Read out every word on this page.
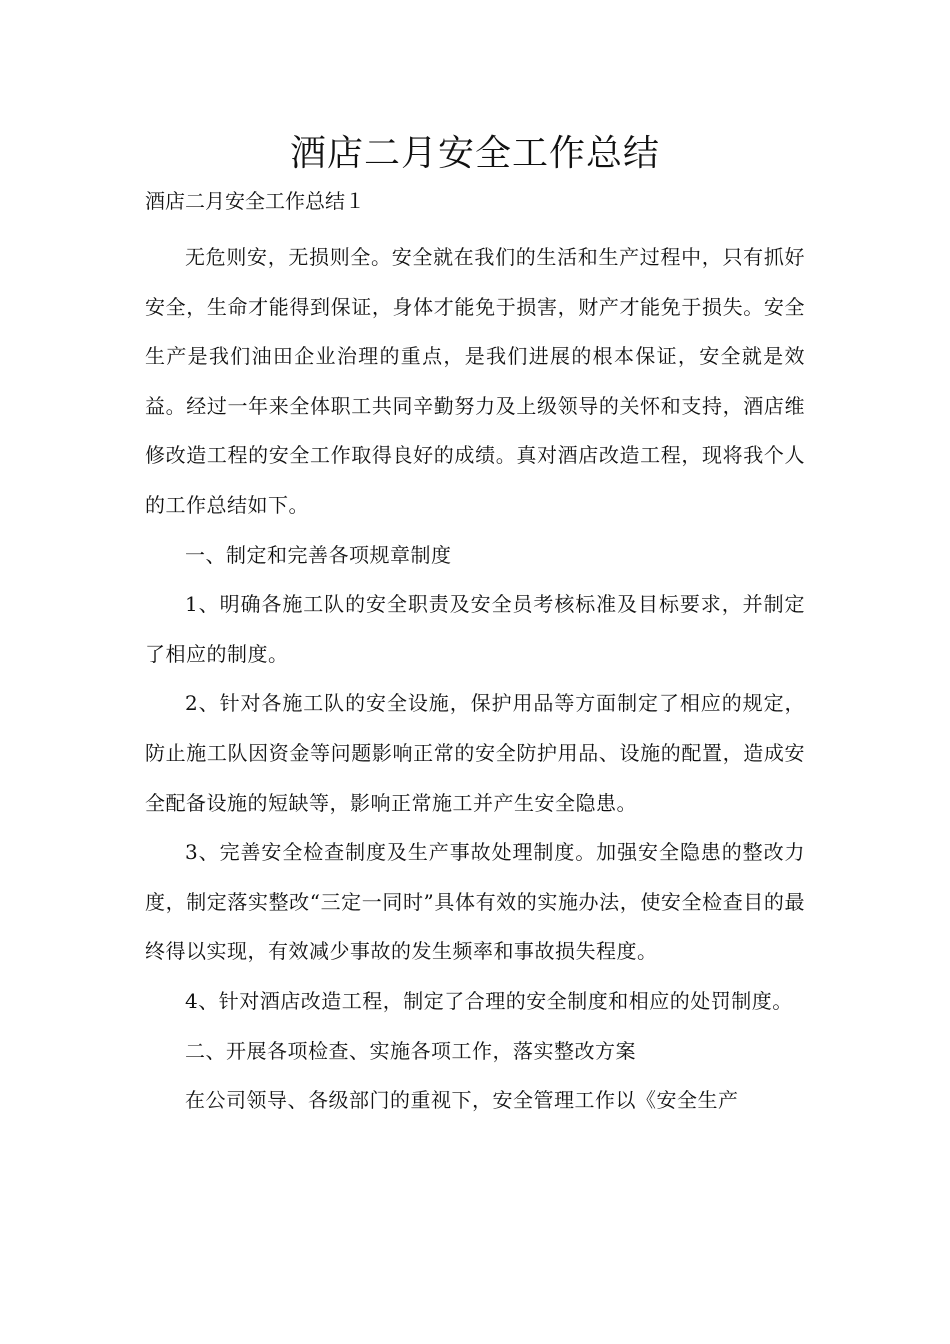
酒店二月安全工作总结

酒店二月安全工作总结１

无危则安，无损则全。安全就在我们的生活和生产过程中，只有抓好安全，生命才能得到保证，身体才能免于损害，财产才能免于损失。安全生产是我们油田企业治理的重点，是我们进展的根本保证，安全就是效益。经过一年来全体职工共同辛勤努力及上级领导的关怀和支持，酒店维修改造工程的安全工作取得良好的成绩。真对酒店改造工程，现将我个人的工作总结如下。

一、制定和完善各项规章制度

1、明确各施工队的安全职责及安全员考核标准及目标要求，并制定了相应的制度。

2、针对各施工队的安全设施，保护用品等方面制定了相应的规定，防止施工队因资金等问题影响正常的安全防护用品、设施的配置，造成安全配备设施的短缺等，影响正常施工并产生安全隐患。

3、完善安全检查制度及生产事故处理制度。加强安全隐患的整改力度，制定落实整改“三定一同时”具体有效的实施办法，使安全检查目的最终得以实现，有效减少事故的发生频率和事故损失程度。

4、针对酒店改造工程，制定了合理的安全制度和相应的处罚制度。

二、开展各项检查、实施各项工作，落实整改方案

在公司领导、各级部门的重视下，安全管理工作以《安全生产
